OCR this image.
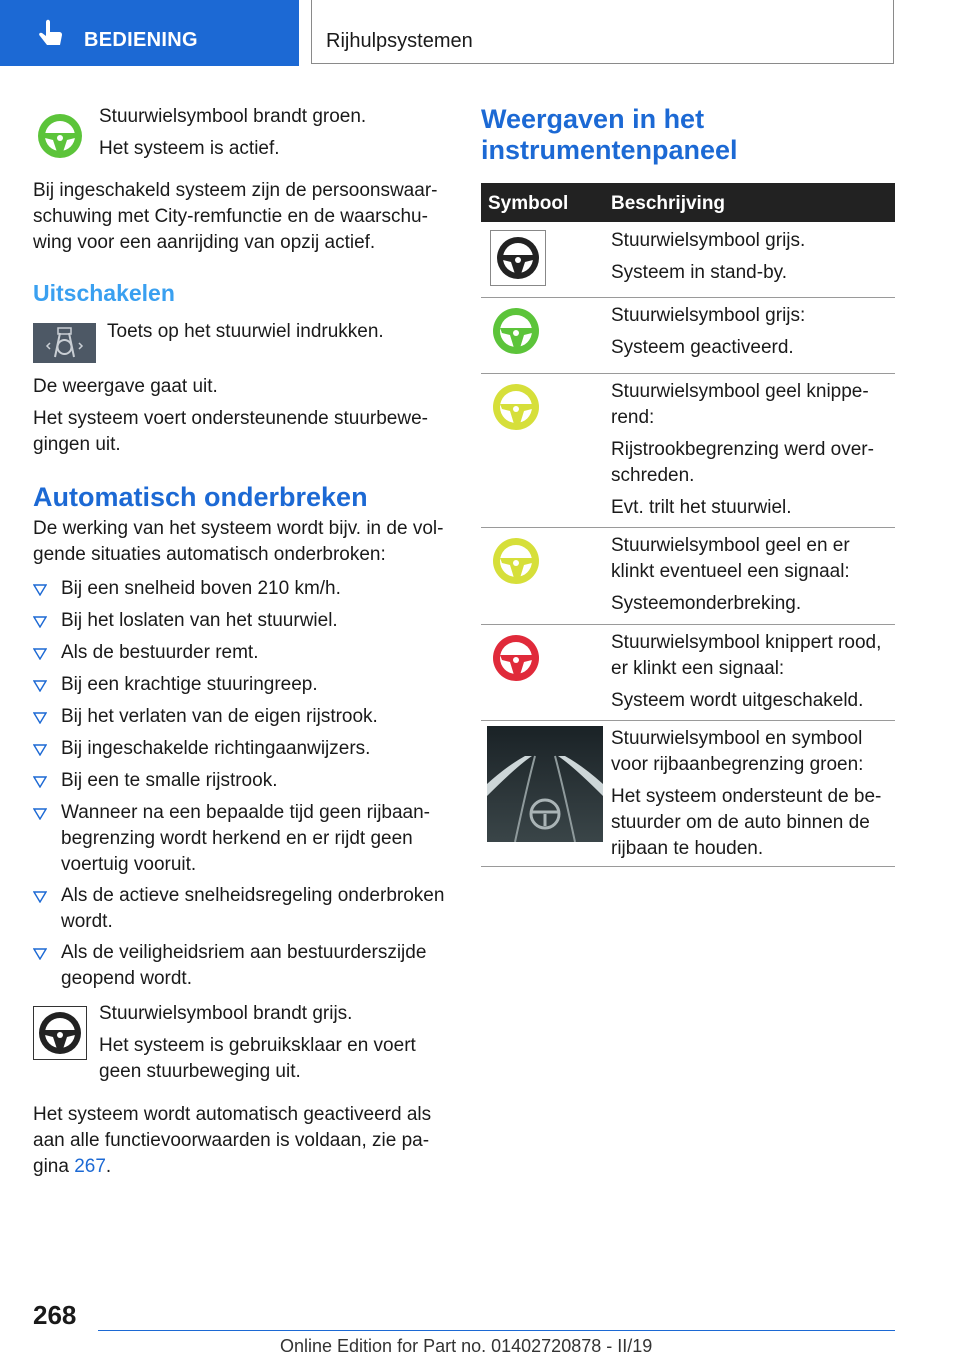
BEDIENING	Rijhulpsystemen
Stuurwielsymbool brandt groen.
Het systeem is actief.
Bij ingeschakeld systeem zijn de persoonswaar-
schuwing met City-remfunctie en de waarschu-
wing voor een aanrijding van opzij actief.
Uitschakelen
Toets op het stuurwiel indrukken.
De weergave gaat uit.
Het systeem voert ondersteunende stuurbewe-
gingen uit.
Automatisch onderbreken
De werking van het systeem wordt bijv. in de vol-
gende situaties automatisch onderbroken:
Bij een snelheid boven 210 km/h.
Bij het loslaten van het stuurwiel.
Als de bestuurder remt.
Bij een krachtige stuuringreep.
Bij het verlaten van de eigen rijstrook.
Bij ingeschakelde richtingaanwijzers.
Bij een te smalle rijstrook.
Wanneer na een bepaalde tijd geen rijbaan-
begrenzing wordt herkend en er rijdt geen
voertuig vooruit.
Als de actieve snelheidsregeling onderbroken
wordt.
Als de veiligheidsriem aan bestuurderszijde
geopend wordt.
Stuurwielsymbool brandt grijs.
Het systeem is gebruiksklaar en voert
geen stuurbeweging uit.
Het systeem wordt automatisch geactiveerd als
aan alle functievoorwaarden is voldaan, zie pa-
gina 267.
Weergaven in het
instrumentenpaneel
Symbool Beschrijving

Stuurwielsymbool grijs.

Systeem in stand-by.

Stuurwielsymbool grijs:

Systeem geactiveerd.

Stuurwielsymbool geel knippe-
rend:

Rijstrookbegrenzing werd over-
schreden.

Evt. trilt het stuurwiel.

Stuurwielsymbool geel en er
klinkt eventueel een signaal:

Systeemonderbreking.

Stuurwielsymbool knippert rood,
er klinkt een signaal:

Systeem wordt uitgeschakeld.

Stuurwielsymbool en symbool
voor rijbaanbegrenzing groen:

Het systeem ondersteunt de be-
stuurder om de auto binnen de
rijbaan te houden.

268
Online Edition for Part no. 01402720878 - II/19
